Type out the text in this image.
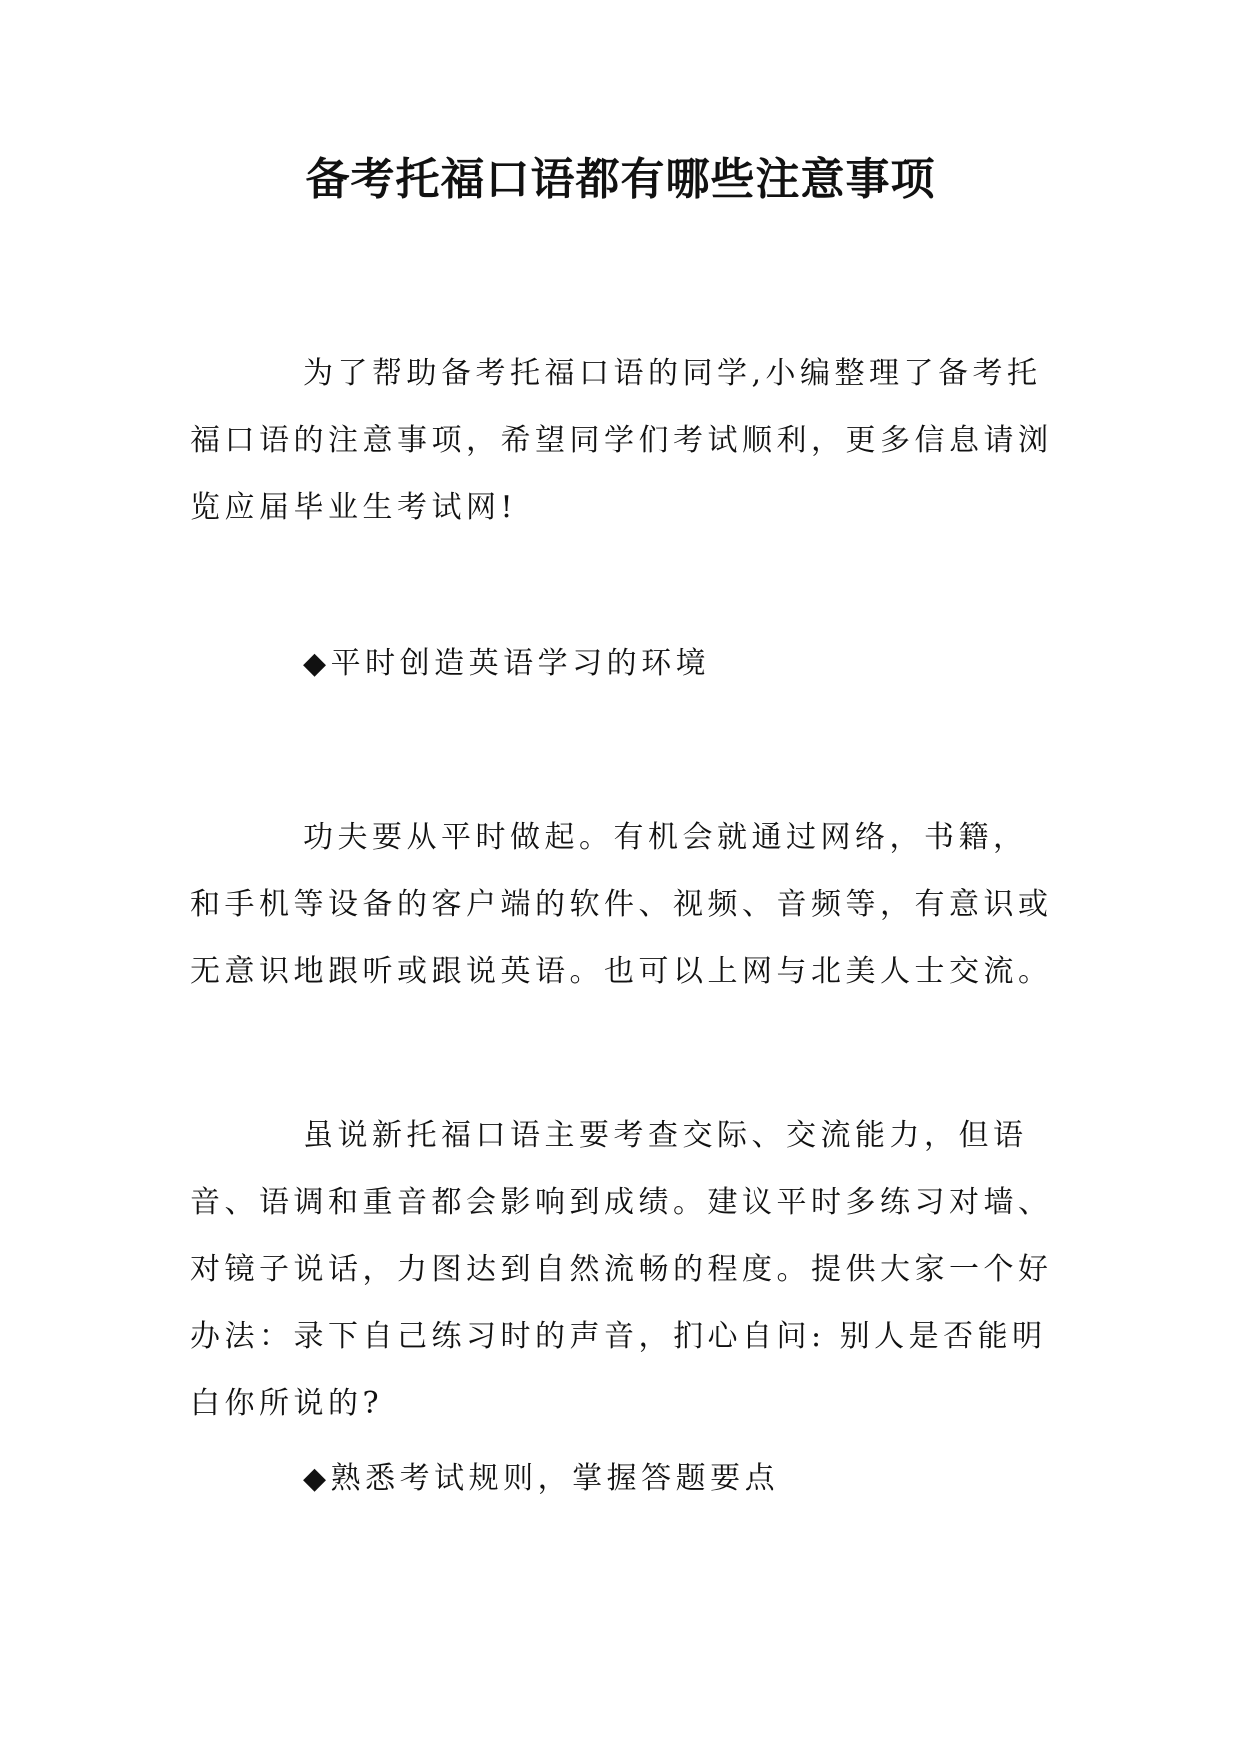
备考托福口语都有哪些注意事项

为了帮助备考托福口语的同学,小编整理了备考托福口语的注意事项，希望同学们考试顺利，更多信息请浏览应届毕业生考试网!

◆平时创造英语学习的环境

功夫要从平时做起。有机会就通过网络，书籍，和手机等设备的客户端的软件、视频、音频等，有意识或无意识地跟听或跟说英语。也可以上网与北美人士交流。

虽说新托福口语主要考查交际、交流能力，但语音、语调和重音都会影响到成绩。建议平时多练习对墙、对镜子说话，力图达到自然流畅的程度。提供大家一个好办法：录下自己练习时的声音，扪心自问: 别人是否能明白你所说的?

◆熟悉考试规则，掌握答题要点
